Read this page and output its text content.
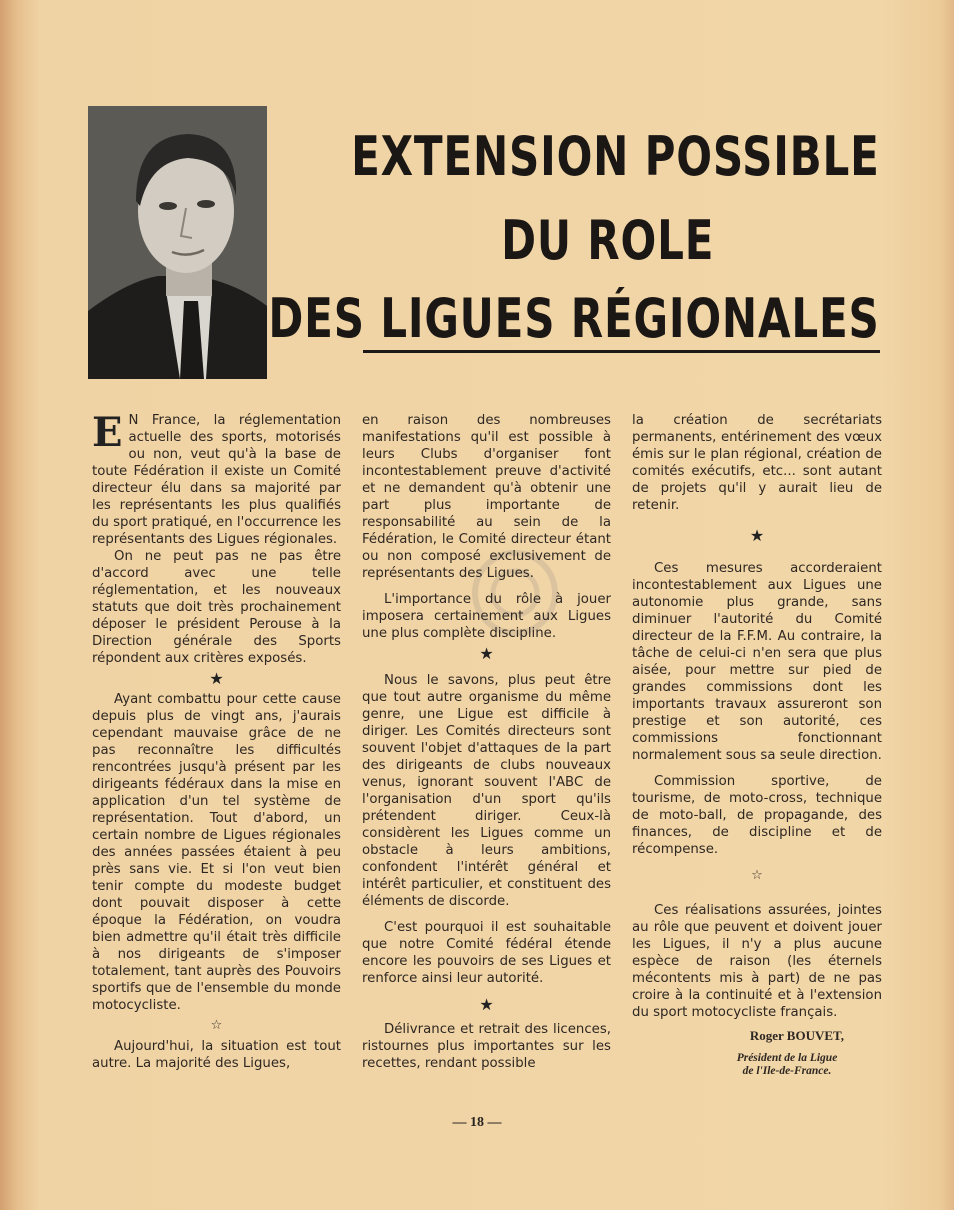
EXTENSION POSSIBLE
DU ROLE
DES LIGUES RÉGIONALES

E N France, la réglementation actuelle des sports, motorisés ou non, veut qu'à la base de toute Fédération il existe un Comité directeur élu dans sa majorité par les représentants les plus qualifiés du sport pratiqué, en l'occurrence les représentants des Ligues régionales.

On ne peut pas ne pas être d'accord avec une telle réglementation, et les nouveaux statuts que doit très prochainement déposer le président Perouse à la Direction générale des Sports répondent aux critères exposés.

★

Ayant combattu pour cette cause depuis plus de vingt ans, j'aurais cependant mauvaise grâce de ne pas reconnaître les difficultés rencontrées jusqu'à présent par les dirigeants fédéraux dans la mise en application d'un tel système de représentation. Tout d'abord, un certain nombre de Ligues régionales des années passées étaient à peu près sans vie. Et si l'on veut bien tenir compte du modeste budget dont pouvait disposer à cette époque la Fédération, on voudra bien admettre qu'il était très difficile à nos dirigeants de s'imposer totalement, tant auprès des Pouvoirs sportifs que de l'ensemble du monde motocycliste.

☆

Aujourd'hui, la situation est tout autre. La majorité des Ligues,

en raison des nombreuses manifestations qu'il est possible à leurs Clubs d'organiser font incontestablement preuve d'activité et ne demandent qu'à obtenir une part plus importante de responsabilité au sein de la Fédération, le Comité directeur étant ou non composé exclusivement de représentants des Ligues.

L'importance du rôle à jouer imposera certainement aux Ligues une plus complète discipline.

★

Nous le savons, plus peut être que tout autre organisme du même genre, une Ligue est difficile à diriger. Les Comités directeurs sont souvent l'objet d'attaques de la part des dirigeants de clubs nouveaux venus, ignorant souvent l'ABC de l'organisation d'un sport qu'ils prétendent diriger. Ceux-là considèrent les Ligues comme un obstacle à leurs ambitions, confondent l'intérêt général et intérêt particulier, et constituent des éléments de discorde.

C'est pourquoi il est souhaitable que notre Comité fédéral étende encore les pouvoirs de ses Ligues et renforce ainsi leur autorité.

★

Délivrance et retrait des licences, ristournes plus importantes sur les recettes, rendant possible

la création de secrétariats permanents, entérinement des vœux émis sur le plan régional, création de comités exécutifs, etc... sont autant de projets qu'il y aurait lieu de retenir.

★

Ces mesures accorderaient incontestablement aux Ligues une autonomie plus grande, sans diminuer l'autorité du Comité directeur de la F.F.M. Au contraire, la tâche de celui-ci n'en sera que plus aisée, pour mettre sur pied de grandes commissions dont les importants travaux assureront son prestige et son autorité, ces commissions fonctionnant normalement sous sa seule direction.

Commission sportive, de tourisme, de moto-cross, technique de moto-ball, de propagande, des finances, de discipline et de récompense.

☆

Ces réalisations assurées, jointes au rôle que peuvent et doivent jouer les Ligues, il n'y a plus aucune espèce de raison (les éternels mécontents mis à part) de ne pas croire à la continuité et à l'extension du sport motocycliste français.

Roger BOUVET,
Président de la Ligue
de l'Ile-de-France.
— 18 —
